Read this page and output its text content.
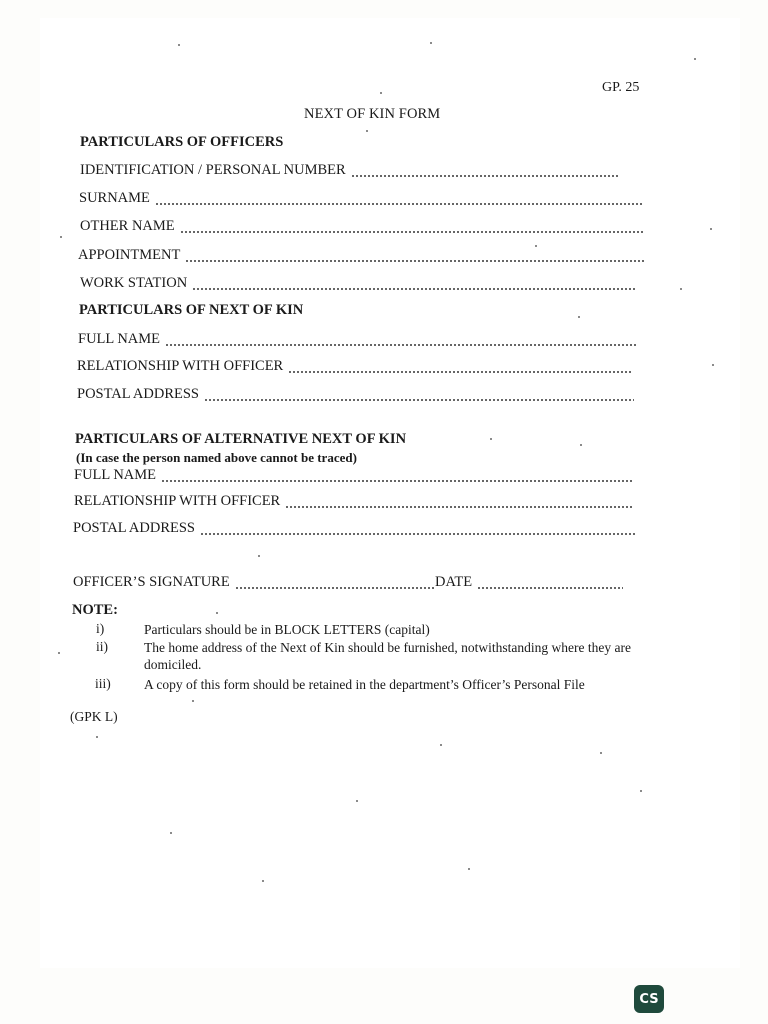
GP. 25
NEXT OF KIN FORM
PARTICULARS OF OFFICERS
IDENTIFICATION / PERSONAL NUMBER
SURNAME
OTHER NAME
APPOINTMENT
WORK STATION
PARTICULARS OF NEXT OF KIN
FULL NAME
RELATIONSHIP WITH OFFICER
POSTAL ADDRESS
PARTICULARS OF ALTERNATIVE NEXT OF KIN
(In case the person named above cannot be traced)
FULL NAME
RELATIONSHIP WITH OFFICER
POSTAL ADDRESS
OFFICER’S SIGNATURE	DATE
NOTE:
i)	Particulars should be in BLOCK LETTERS (capital)
ii)	The home address of the Next of Kin should be furnished, notwithstanding where they are domiciled.
iii) A copy of this form should be retained in the department’s Officer’s Personal File
(GPK L)
CS
